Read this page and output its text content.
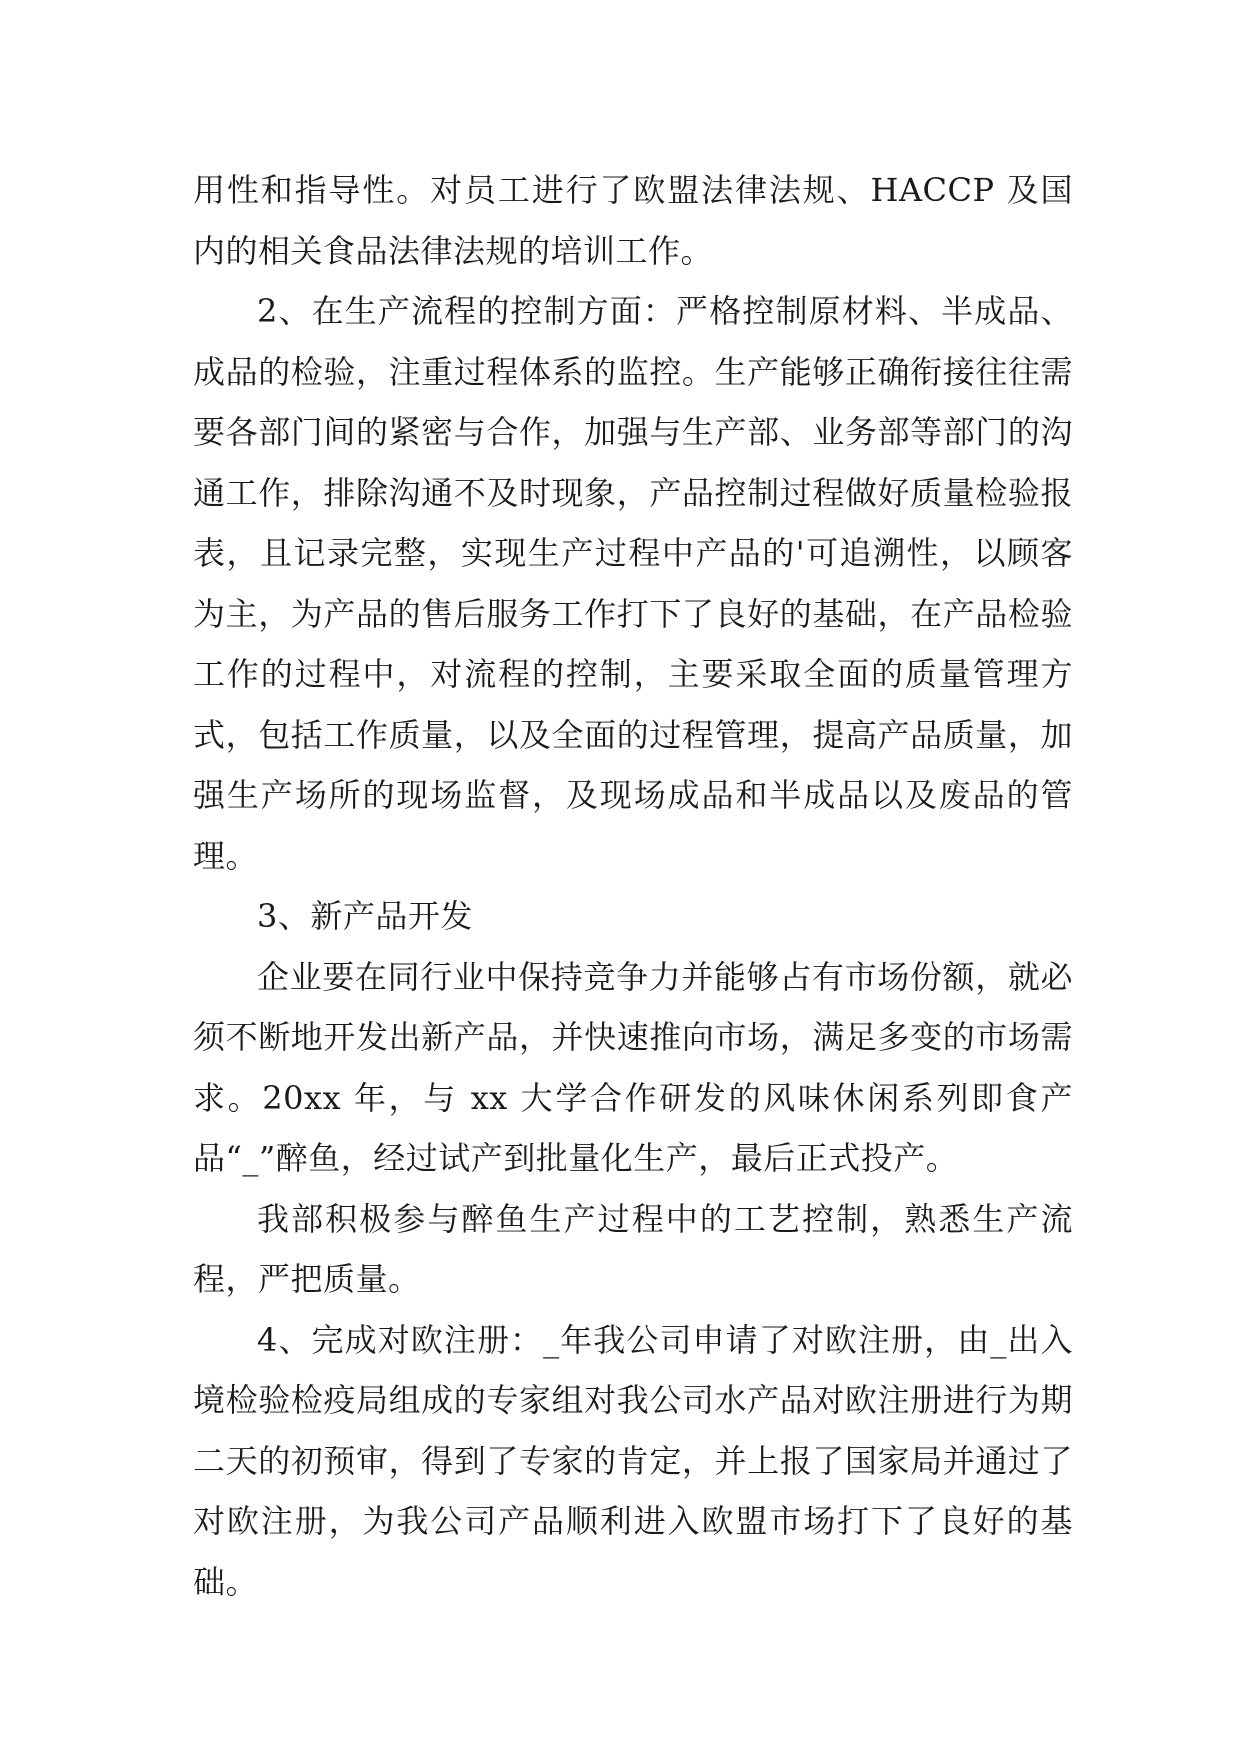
用性和指导性。对员工进行了欧盟法律法规、HACCP 及国内的相关食品法律法规的培训工作。

2、在生产流程的控制方面：严格控制原材料、半成品、成品的检验，注重过程体系的监控。生产能够正确衔接往往需要各部门间的紧密与合作，加强与生产部、业务部等部门的沟通工作，排除沟通不及时现象，产品控制过程做好质量检验报表，且记录完整，实现生产过程中产品的'可追溯性，以顾客为主，为产品的售后服务工作打下了良好的基础，在产品检验工作的过程中，对流程的控制，主要采取全面的质量管理方式，包括工作质量，以及全面的过程管理，提高产品质量，加强生产场所的现场监督，及现场成品和半成品以及废品的管理。

3、新产品开发

企业要在同行业中保持竞争力并能够占有市场份额，就必须不断地开发出新产品，并快速推向市场，满足多变的市场需求。20xx 年，与 xx 大学合作研发的风味休闲系列即食产品“_”醉鱼，经过试产到批量化生产，最后正式投产。

我部积极参与醉鱼生产过程中的工艺控制，熟悉生产流程，严把质量。

4、完成对欧注册：_年我公司申请了对欧注册，由_出入境检验检疫局组成的专家组对我公司水产品对欧注册进行为期二天的初预审，得到了专家的肯定，并上报了国家局并通过了对欧注册，为我公司产品顺利进入欧盟市场打下了良好的基础。
